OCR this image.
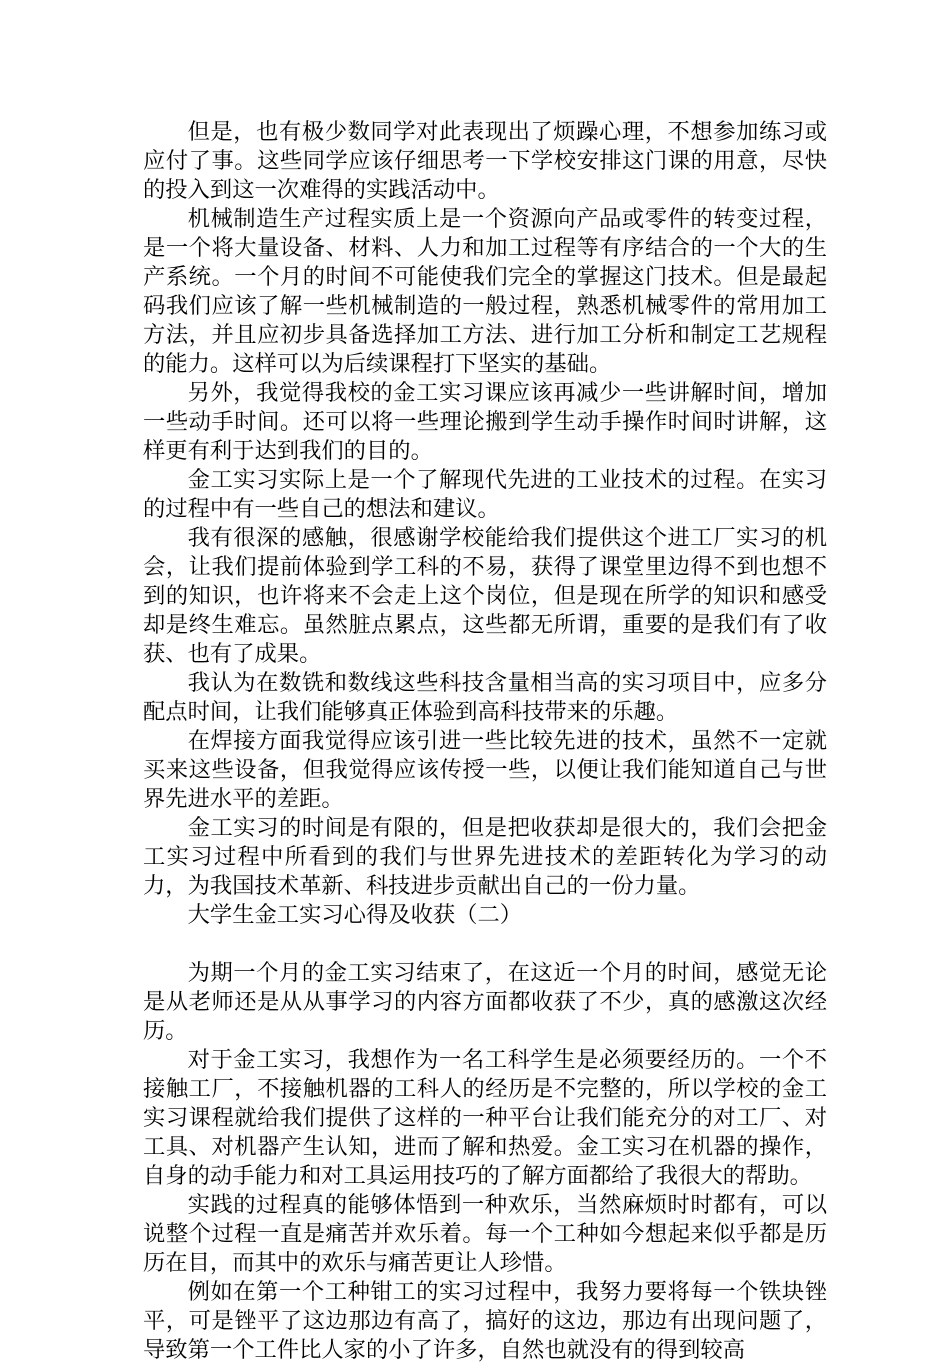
但是，也有极少数同学对此表现出了烦躁心理，不想参加练习或应付了事。这些同学应该仔细思考一下学校安排这门课的用意，尽快的投入到这一次难得的实践活动中。

机械制造生产过程实质上是一个资源向产品或零件的转变过程，是一个将大量设备、材料、人力和加工过程等有序结合的一个大的生产系统。一个月的时间不可能使我们完全的掌握这门技术。但是最起码我们应该了解一些机械制造的一般过程，熟悉机械零件的常用加工方法，并且应初步具备选择加工方法、进行加工分析和制定工艺规程的能力。这样可以为后续课程打下坚实的基础。

另外，我觉得我校的金工实习课应该再减少一些讲解时间，增加一些动手时间。还可以将一些理论搬到学生动手操作时间时讲解，这样更有利于达到我们的目的。

金工实习实际上是一个了解现代先进的工业技术的过程。在实习的过程中有一些自己的想法和建议。

我有很深的感触，很感谢学校能给我们提供这个进工厂实习的机会，让我们提前体验到学工科的不易，获得了课堂里边得不到也想不到的知识，也许将来不会走上这个岗位，但是现在所学的知识和感受却是终生难忘。虽然脏点累点，这些都无所谓，重要的是我们有了收获、也有了成果。

我认为在数铣和数线这些科技含量相当高的实习项目中，应多分配点时间，让我们能够真正体验到高科技带来的乐趣。

在焊接方面我觉得应该引进一些比较先进的技术，虽然不一定就买来这些设备，但我觉得应该传授一些，以便让我们能知道自己与世界先进水平的差距。

金工实习的时间是有限的，但是把收获却是很大的，我们会把金工实习过程中所看到的我们与世界先进技术的差距转化为学习的动力，为我国技术革新、科技进步贡献出自己的一份力量。

大学生金工实习心得及收获（二）

为期一个月的金工实习结束了，在这近一个月的时间，感觉无论是从老师还是从从事学习的内容方面都收获了不少，真的感激这次经历。

对于金工实习，我想作为一名工科学生是必须要经历的。一个不接触工厂，不接触机器的工科人的经历是不完整的，所以学校的金工实习课程就给我们提供了这样的一种平台让我们能充分的对工厂、对工具、对机器产生认知，进而了解和热爱。金工实习在机器的操作，自身的动手能力和对工具运用技巧的了解方面都给了我很大的帮助。

实践的过程真的能够体悟到一种欢乐，当然麻烦时时都有，可以说整个过程一直是痛苦并欢乐着。每一个工种如今想起来似乎都是历历在目，而其中的欢乐与痛苦更让人珍惜。

例如在第一个工种钳工的实习过程中，我努力要将每一个铁块锉平，可是锉平了这边那边有高了，搞好的这边，那边有出现问题了，导致第一个工件比人家的小了许多，自然也就没有的得到较高
